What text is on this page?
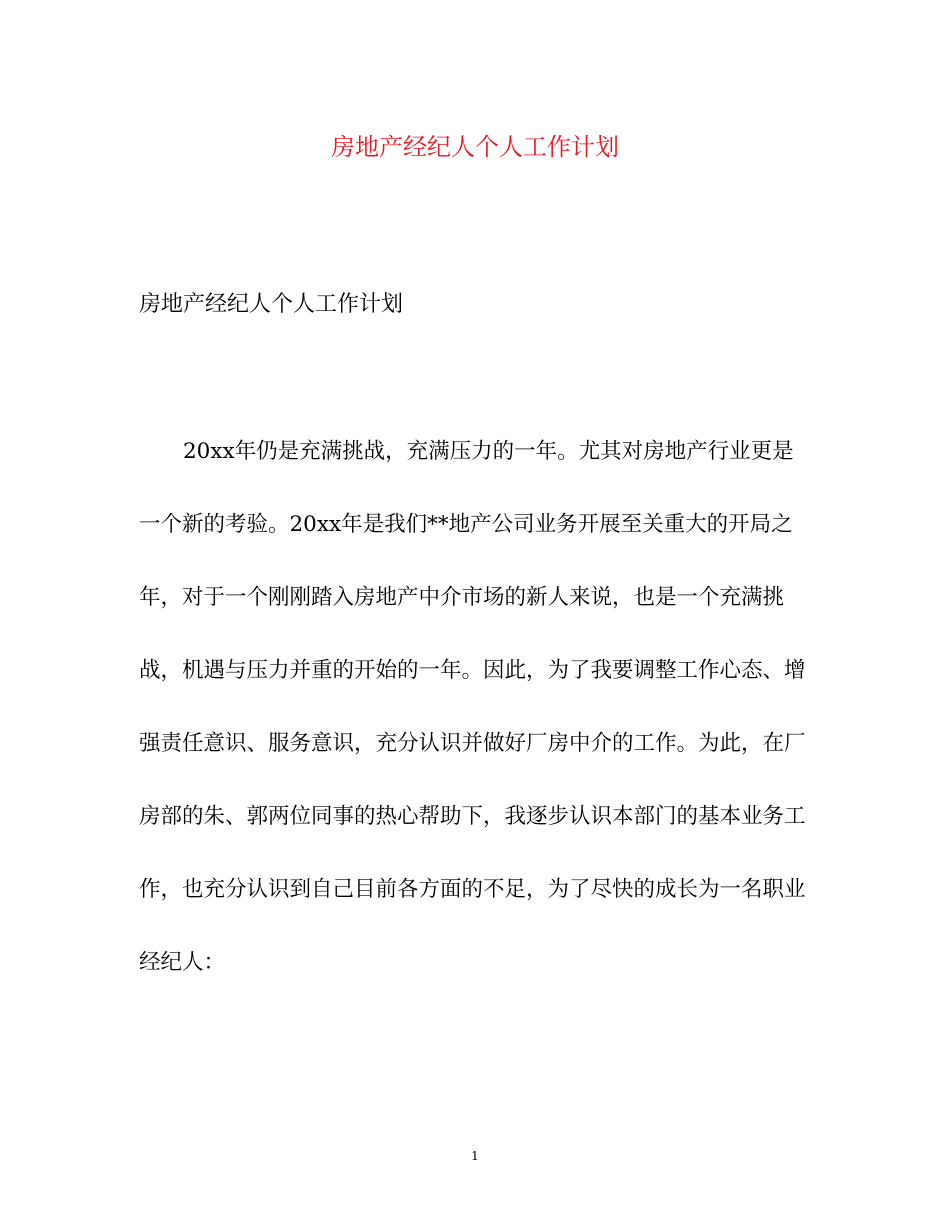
房地产经纪人个人工作计划

房地产经纪人个人工作计划

20xx年仍是充满挑战，充满压力的一年。尤其对房地产行业更是
一个新的考验。20xx年是我们**地产公司业务开展至关重大的开局之
年，对于一个刚刚踏入房地产中介市场的新人来说，也是一个充满挑
战，机遇与压力并重的开始的一年。因此，为了我要调整工作心态、增
强责任意识、服务意识，充分认识并做好厂房中介的工作。为此，在厂
房部的朱、郭两位同事的热心帮助下，我逐步认识本部门的基本业务工
作，也充分认识到自己目前各方面的不足，为了尽快的成长为一名职业
经纪人：

1
